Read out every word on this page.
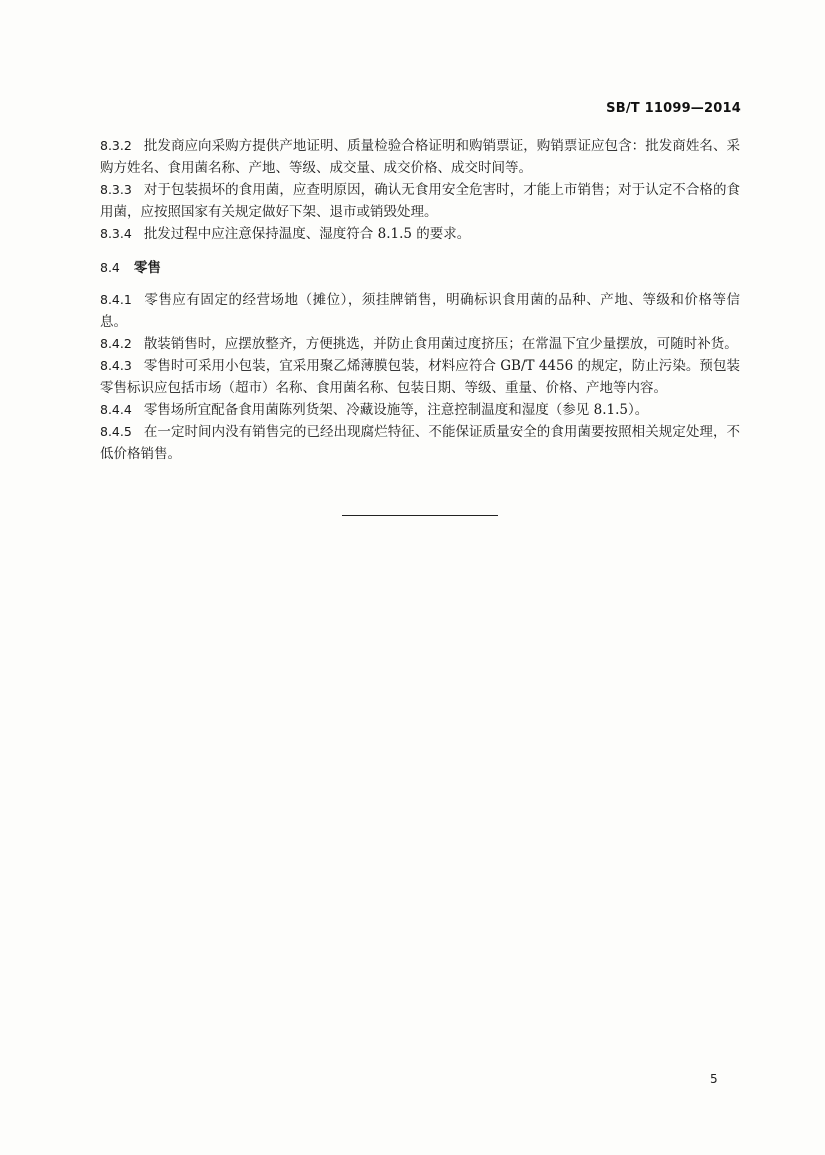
SB/T 11099—2014

8.3.2 批发商应向采购方提供产地证明、质量检验合格证明和购销票证，购销票证应包含：批发商姓名、采购方姓名、食用菌名称、产地、等级、成交量、成交价格、成交时间等。

8.3.3 对于包装损坏的食用菌，应查明原因，确认无食用安全危害时，才能上市销售；对于认定不合格的食用菌，应按照国家有关规定做好下架、退市或销毁处理。

8.3.4 批发过程中应注意保持温度、湿度符合 8.1.5 的要求。

8.4 零售

8.4.1 零售应有固定的经营场地（摊位），须挂牌销售，明确标识食用菌的品种、产地、等级和价格等信息。

8.4.2 散装销售时，应摆放整齐，方便挑选，并防止食用菌过度挤压；在常温下宜少量摆放，可随时补货。

8.4.3 零售时可采用小包装，宜采用聚乙烯薄膜包装，材料应符合 GB/T 4456 的规定，防止污染。预包装零售标识应包括市场（超市）名称、食用菌名称、包装日期、等级、重量、价格、产地等内容。

8.4.4 零售场所宜配备食用菌陈列货架、冷藏设施等，注意控制温度和湿度（参见 8.1.5）。

8.4.5 在一定时间内没有销售完的已经出现腐烂特征、不能保证质量安全的食用菌要按照相关规定处理，不低价格销售。

5
